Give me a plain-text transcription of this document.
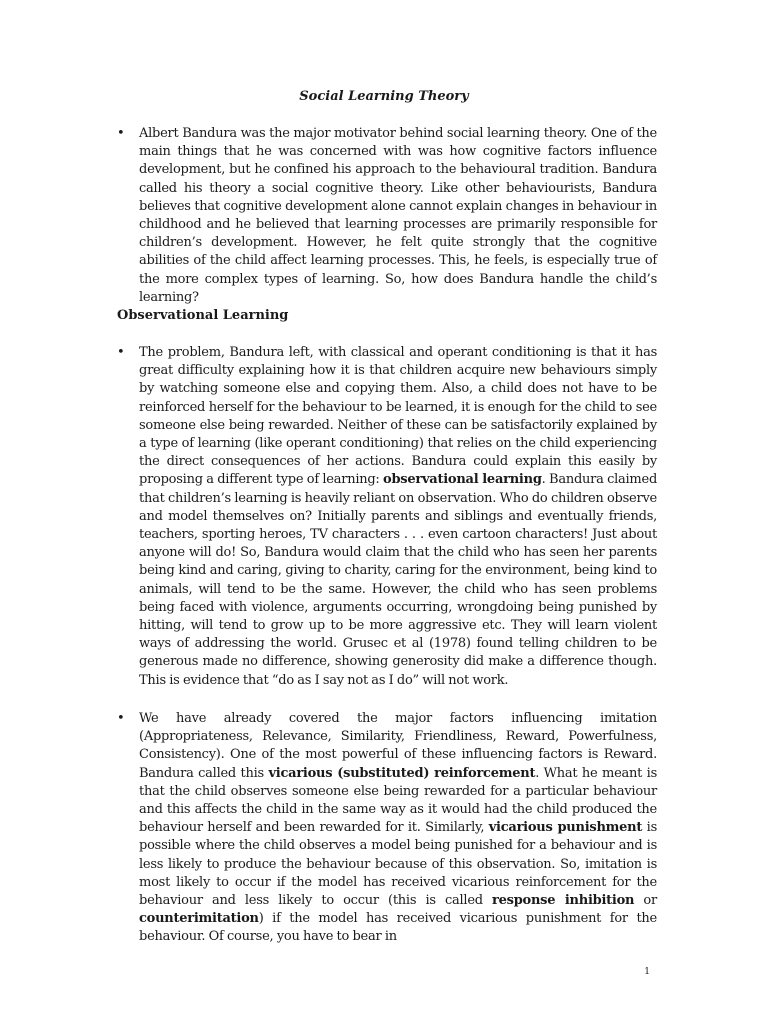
Social Learning Theory
• Albert Bandura was the major motivator behind social learning theory. One of the main things that he was concerned with was how cognitive factors influence development, but he confined his approach to the behavioural tradition. Bandura called his theory a social cognitive theory. Like other behaviourists, Bandura believes that cognitive development alone cannot explain changes in behaviour in childhood and he believed that learning processes are primarily responsible for children’s development. However, he felt quite strongly that the cognitive abilities of the child affect learning processes. This, he feels, is especially true of the more complex types of learning. So, how does Bandura handle the child’s learning?

Observational Learning
• The problem, Bandura left, with classical and operant conditioning is that it has great difficulty explaining how it is that children acquire new behaviours simply by watching someone else and copying them. Also, a child does not have to be reinforced herself for the behaviour to be learned, it is enough for the child to see someone else being rewarded. Neither of these can be satisfactorily explained by a type of learning (like operant conditioning) that relies on the child experiencing the direct consequences of her actions. Bandura could explain this easily by proposing a different type of learning: observational learning. Bandura claimed that children’s learning is heavily reliant on observation. Who do children observe and model themselves on? Initially parents and siblings and eventually friends, teachers, sporting heroes, TV characters . . . even cartoon characters! Just about anyone will do! So, Bandura would claim that the child who has seen her parents being kind and caring, giving to charity, caring for the environment, being kind to animals, will tend to be the same. However, the child who has seen problems being faced with violence, arguments occurring, wrongdoing being punished by hitting, will tend to grow up to be more aggressive etc. They will learn violent ways of addressing the world. Grusec et al (1978) found telling children to be generous made no difference, showing generosity did make a difference though. This is evidence that “do as I say not as I do” will not work.

• We have already covered the major factors influencing imitation (Appropriateness, Relevance, Similarity, Friendliness, Reward, Powerfulness, Consistency). One of the most powerful of these influencing factors is Reward. Bandura called this vicarious (substituted) reinforcement. What he meant is that the child observes someone else being rewarded for a particular behaviour and this affects the child in the same way as it would had the child produced the behaviour herself and been rewarded for it. Similarly, vicarious punishment is possible where the child observes a model being punished for a behaviour and is less likely to produce the behaviour because of this observation. So, imitation is most likely to occur if the model has received vicarious reinforcement for the behaviour and less likely to occur (this is called response inhibition or counterimitation) if the model has received vicarious punishment for the behaviour. Of course, you have to bear in

1
